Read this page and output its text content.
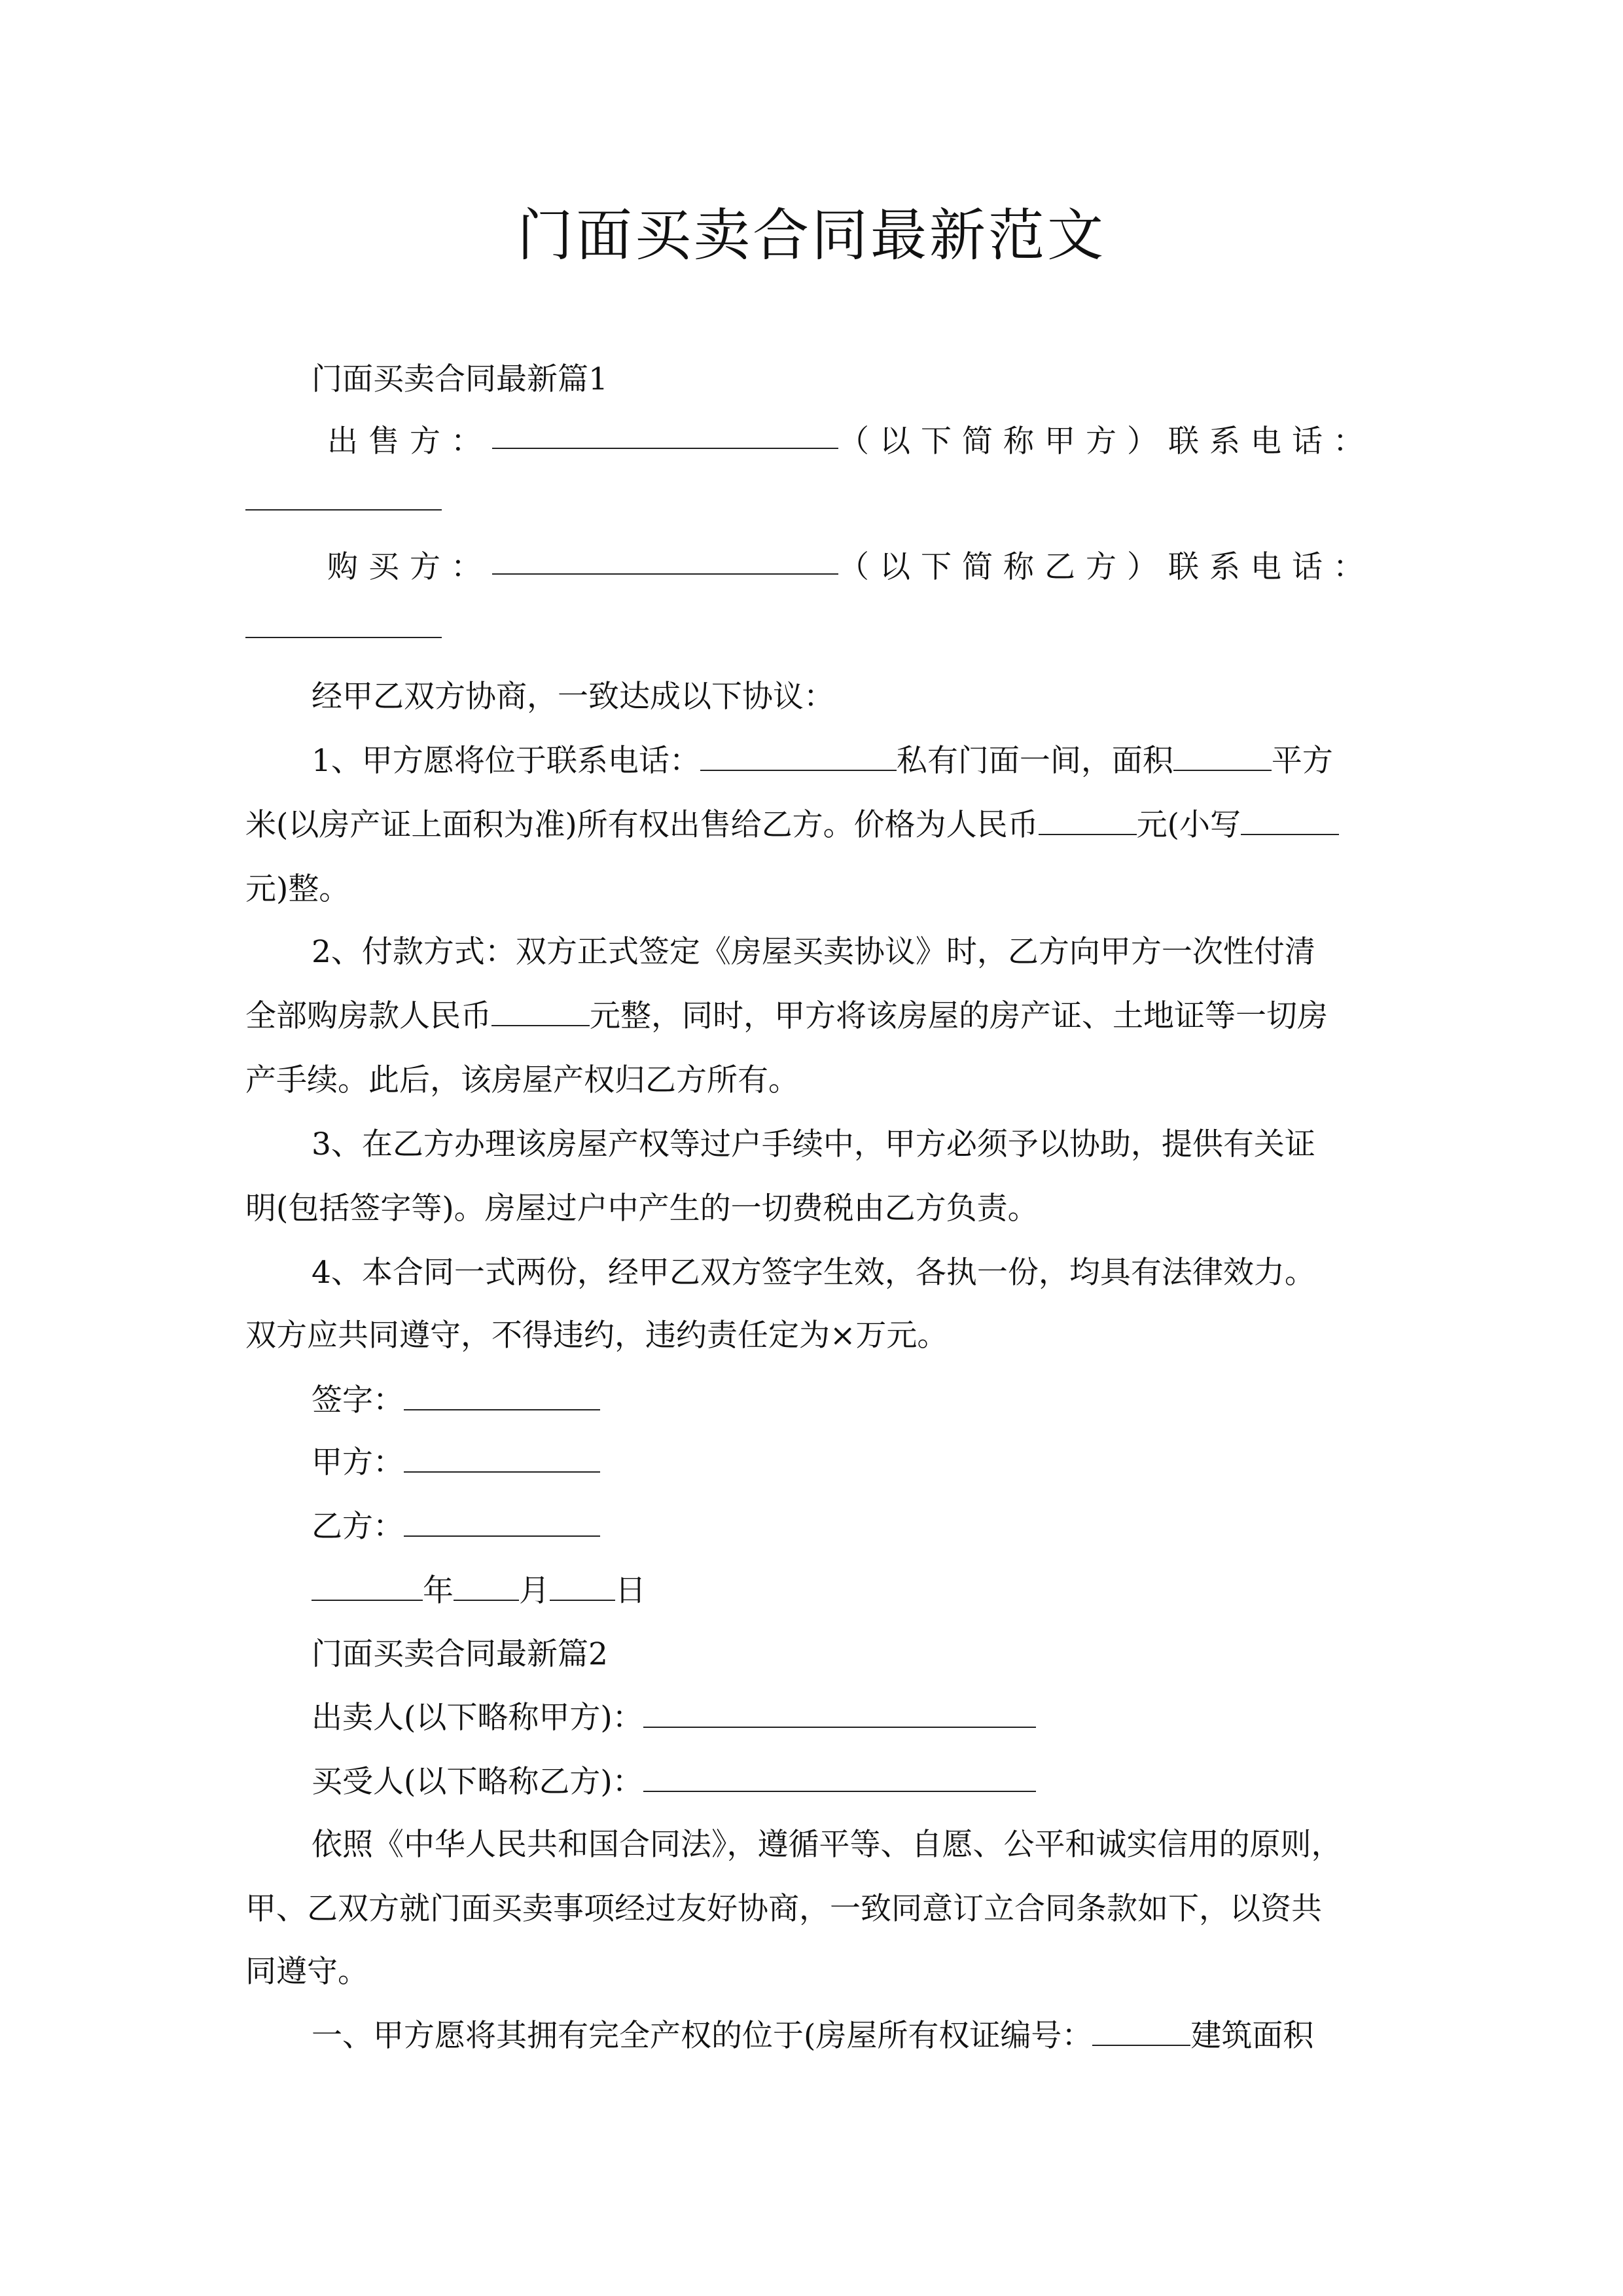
门面买卖合同最新范文
门面买卖合同最新篇1
出售方：	（以下简称甲方）联系电话：
购买方：	（以下简称乙方）联系电话：
经甲乙双方协商，一致达成以下协议：
1、甲方愿将位于联系电话：	私有门面一间，面积	平方
米(以房产证上面积为准)所有权出售给乙方。价格为人民币	元(小写
元)整。
2、付款方式：双方正式签定《房屋买卖协议》时，乙方向甲方一次性付清
全部购房款人民币	元整，同时，甲方将该房屋的房产证、土地证等一切房
产手续。此后，该房屋产权归乙方所有。
3、在乙方办理该房屋产权等过户手续中，甲方必须予以协助，提供有关证
明(包括签字等)。房屋过户中产生的一切费税由乙方负责。
4、本合同一式两份，经甲乙双方签字生效，各执一份，均具有法律效力。
双方应共同遵守，不得违约，违约责任定为×万元。
签字：
甲方：
乙方：
年 月 日
门面买卖合同最新篇2
出卖人(以下略称甲方)：
买受人(以下略称乙方)：
依照《中华人民共和国合同法》，遵循平等、自愿、公平和诚实信用的原则，
甲、乙双方就门面买卖事项经过友好协商，一致同意订立合同条款如下，以资共
同遵守。
一、甲方愿将其拥有完全产权的位于(房屋所有权证编号：	建筑面积
